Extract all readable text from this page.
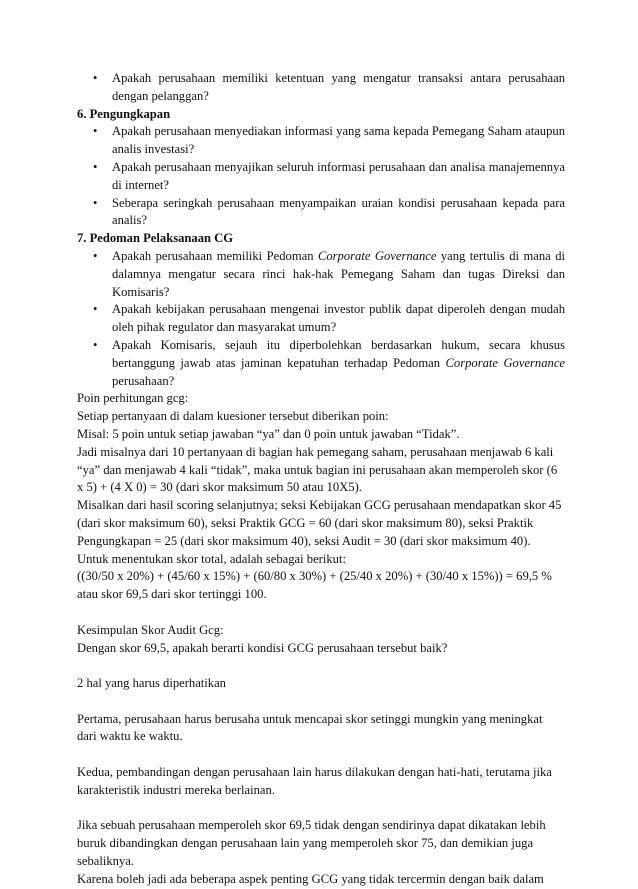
• Apakah perusahaan memiliki ketentuan yang mengatur transaksi antara perusahaan dengan pelanggan?
6. Pengungkapan
• Apakah perusahaan menyediakan informasi yang sama kepada Pemegang Saham ataupun analis investasi?
• Apakah perusahaan menyajikan seluruh informasi perusahaan dan analisa manajemennya di internet?
• Seberapa seringkah perusahaan menyampaikan uraian kondisi perusahaan kepada para analis?
7. Pedoman Pelaksanaan CG
• Apakah perusahaan memiliki Pedoman Corporate Governance yang tertulis di mana di dalamnya mengatur secara rinci hak-hak Pemegang Saham dan tugas Direksi dan Komisaris?
• Apakah kebijakan perusahaan mengenai investor publik dapat diperoleh dengan mudah oleh pihak regulator dan masyarakat umum?
• Apakah Komisaris, sejauh itu diperbolehkan berdasarkan hukum, secara khusus bertanggung jawab atas jaminan kepatuhan terhadap Pedoman Corporate Governance perusahaan?

Poin perhitungan gcg:

Setiap pertanyaan di dalam kuesioner tersebut diberikan poin:

Misal: 5 poin untuk setiap jawaban “ya” dan 0 poin untuk jawaban “Tidak”.

Jadi misalnya dari 10 pertanyaan di bagian hak pemegang saham, perusahaan menjawab 6 kali “ya” dan menjawab 4 kali “tidak”, maka untuk bagian ini perusahaan akan memperoleh skor (6 x 5) + (4 X 0) = 30 (dari skor maksimum 50 atau 10X5).

Misalkan dari hasil scoring selanjutnya; seksi Kebijakan GCG perusahaan mendapatkan skor 45 (dari skor maksimum 60), seksi Praktik GCG = 60 (dari skor maksimum 80), seksi Praktik Pengungkapan = 25 (dari skor maksimum 40), seksi Audit = 30 (dari skor maksimum 40).

Untuk menentukan skor total, adalah sebagai berikut:

((30/50 x 20%) + (45/60 x 15%) + (60/80 x 30%) + (25/40 x 20%) + (30/40 x 15%)) = 69,5 % atau skor 69,5 dari skor tertinggi 100.

Kesimpulan Skor Audit Gcg:

Dengan skor 69,5, apakah berarti kondisi GCG perusahaan tersebut baik?

2 hal yang harus diperhatikan

Pertama, perusahaan harus berusaha untuk mencapai skor setinggi mungkin yang meningkat dari waktu ke waktu.

Kedua, pembandingan dengan perusahaan lain harus dilakukan dengan hati-hati, terutama jika karakteristik industri mereka berlainan.

Jika sebuah perusahaan memperoleh skor 69,5 tidak dengan sendirinya dapat dikatakan lebih buruk dibandingkan dengan perusahaan lain yang memperoleh skor 75, dan demikian juga sebaliknya.

Karena boleh jadi ada beberapa aspek penting GCG yang tidak tercermin dengan baik dalam
